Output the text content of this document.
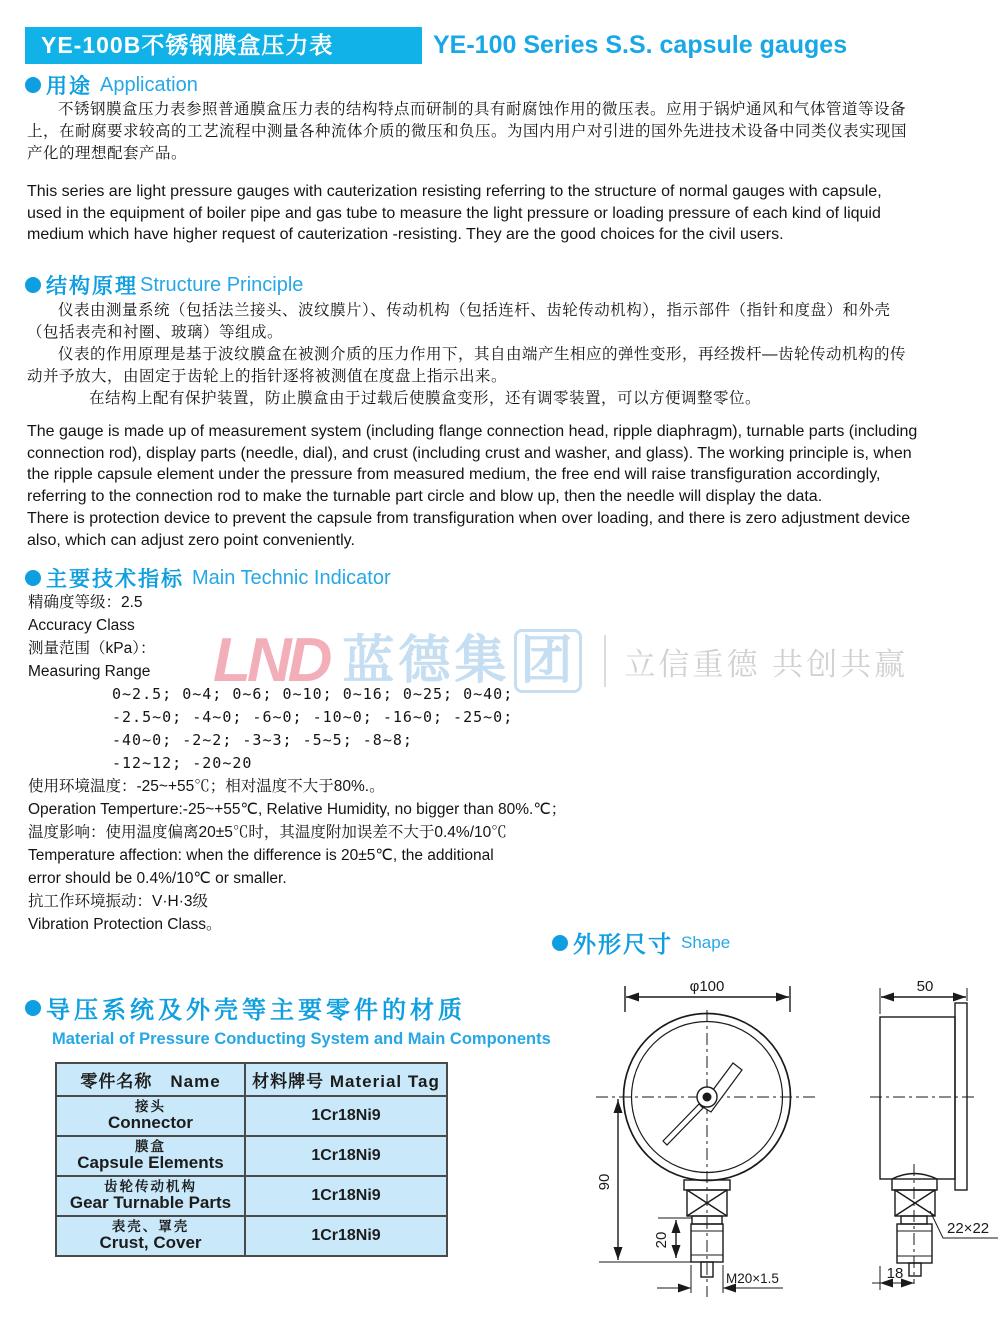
YE-100B不锈钢膜盒压力表	YE-100 Series S.S. capsule gauges
用途 Application
不锈钢膜盒压力表参照普通膜盒压力表的结构特点而研制的具有耐腐蚀作用的微压表。应用于锅炉通风和气体管道等设备上，在耐腐要求较高的工艺流程中测量各种流体介质的微压和负压。为国内用户对引进的国外先进技术设备中同类仪表实现国产化的理想配套产品。
This series are light pressure gauges with cauterization resisting referring to the structure of normal gauges with capsule, used in the equipment of boiler pipe and gas tube to measure the light pressure or loading pressure of each kind of liquid medium which have higher request of cauterization -resisting. They are the good choices for the civil users.
结构原理 Structure Principle
仪表由测量系统（包括法兰接头、波纹膜片）、传动机构（包括连杆、齿轮传动机构），指示部件（指针和度盘）和外壳（包括表壳和衬圈、玻璃）等组成。
仪表的作用原理是基于波纹膜盒在被测介质的压力作用下，其自由端产生相应的弹性变形，再经拨杆—齿轮传动机构的传动并予放大，由固定于齿轮上的指针逐将被测值在度盘上指示出来。
在结构上配有保护装置，防止膜盒由于过载后使膜盒变形，还有调零装置，可以方便调整零位。
The gauge is made up of measurement system (including flange connection head, ripple diaphragm), turnable parts (including connection rod), display parts (needle, dial), and crust (including crust and washer, and glass). The working principle is, when the ripple capsule element under the pressure from measured medium, the free end will raise transfiguration accordingly, referring to the connection rod to make the turnable part circle and blow up, then the needle will display the data.
There is protection device to prevent the capsule from transfiguration when over loading, and there is zero adjustment device also, which can adjust zero point conveniently.
主要技术指标 Main Technic Indicator
LND 蓝德集 团 立信重德 共创共赢
精确度等级：2.5
Accuracy Class
测量范围（kPa）：
Measuring Range
0~2.5; 0~4; 0~6; 0~10; 0~16; 0~25; 0~40;
-2.5~0; -4~0; -6~0; -10~0; -16~0; -25~0;
-40~0; -2~2; -3~3; -5~5; -8~8;
-12~12; -20~20
使用环境温度：-25~+55℃；相对温度不大于80%.。
Operation Temperture:-25~+55℃, Relative Humidity, no bigger than 80%.℃；
温度影响：使用温度偏离20±5℃时，其温度附加误差不大于0.4%/10℃
Temperature affection: when the difference is 20±5℃, the additional
error should be 0.4%/10℃ or smaller.
抗工作环境振动：V·H·3级
Vibration Protection Class。
外形尺寸 Shape
导压系统及外壳等主要零件的材质
Material of Pressure Conducting System and Main Components
零件名称　Name	材料牌号 Material Tag

接头
Connector	1Cr18Ni9

膜盒
Capsule Elements	1Cr18Ni9

齿轮传动机构
Gear Turnable Parts	1Cr18Ni9

表壳、罩壳
Crust, Cover	1Cr18Ni9
φ100
90
20
M20×1.5
50
22×22
18
